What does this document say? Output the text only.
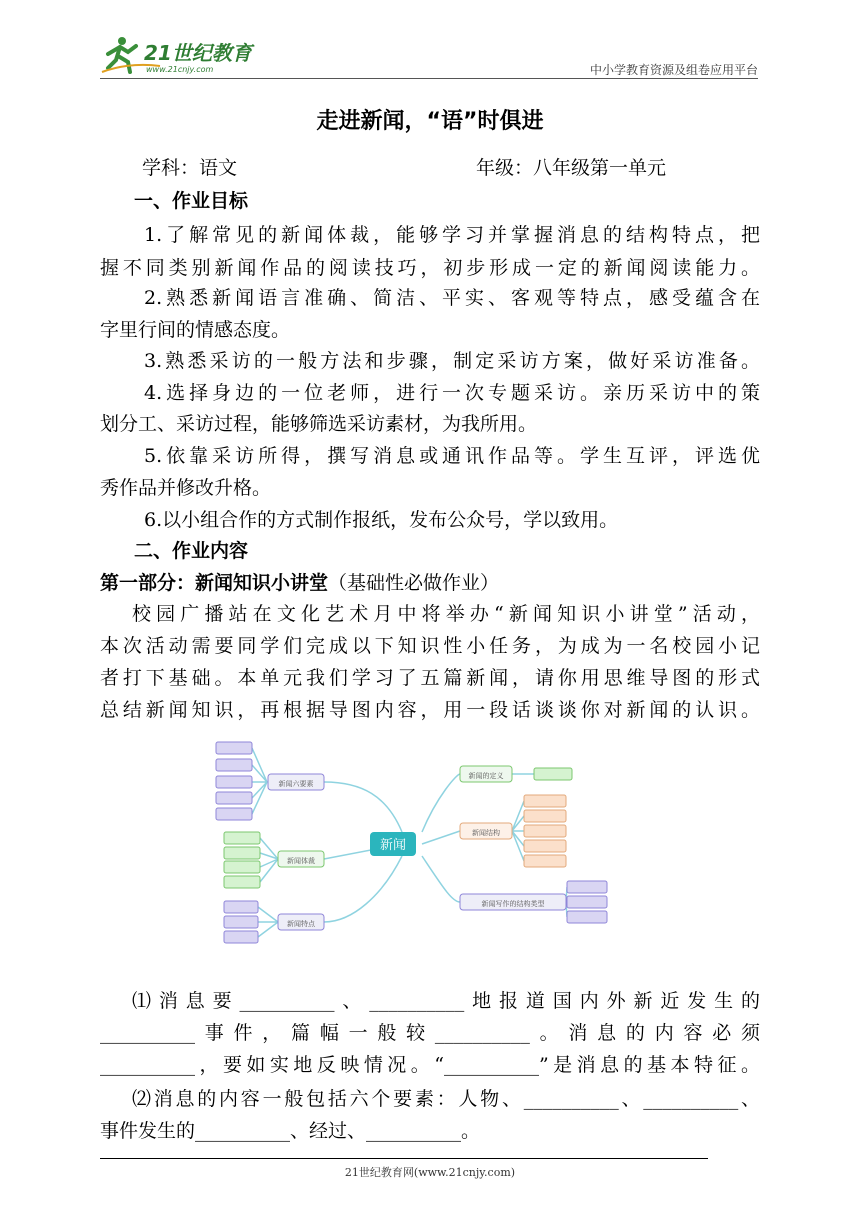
21世纪教育
www.21cnjy.com	中小学教育资源及组卷应用平台
走进新闻，“语”时俱进
学科：语文	年级：八年级第一单元
一、作业目标
1.了解常见的新闻体裁，能够学习并掌握消息的结构特点，把
握不同类别新闻作品的阅读技巧，初步形成一定的新闻阅读能力。
2.熟悉新闻语言准确、简洁、平实、客观等特点，感受蕴含在
字里行间的情感态度。
3.熟悉采访的一般方法和步骤，制定采访方案，做好采访准备。
4.选择身边的一位老师，进行一次专题采访。亲历采访中的策
划分工、采访过程，能够筛选采访素材，为我所用。
5.依靠采访所得，撰写消息或通讯作品等。学生互评，评选优
秀作品并修改升格。
6.以小组合作的方式制作报纸，发布公众号，学以致用。
二、作业内容
第一部分：新闻知识小讲堂（基础性必做作业）
校园广播站在文化艺术月中将举办“新闻知识小讲堂”活动，
本次活动需要同学们完成以下知识性小任务，为成为一名校园小记
者打下基础。本单元我们学习了五篇新闻，请你用思维导图的形式
总结新闻知识，再根据导图内容，用一段话谈谈你对新闻的认识。
新闻
新闻六要素
新闻体裁
新闻特点
新闻的定义
新闻结构
新闻写作的结构类型
⑴消息要__________、__________地报道国内外新近发生的
__________事件，篇幅一般较__________。消息的内容必须
__________，要如实地反映情况。“__________”是消息的基本特征。
⑵消息的内容一般包括六个要素：人物、__________、__________、
事件发生的__________、经过、__________。
21世纪教育网(www.21cnjy.com)
